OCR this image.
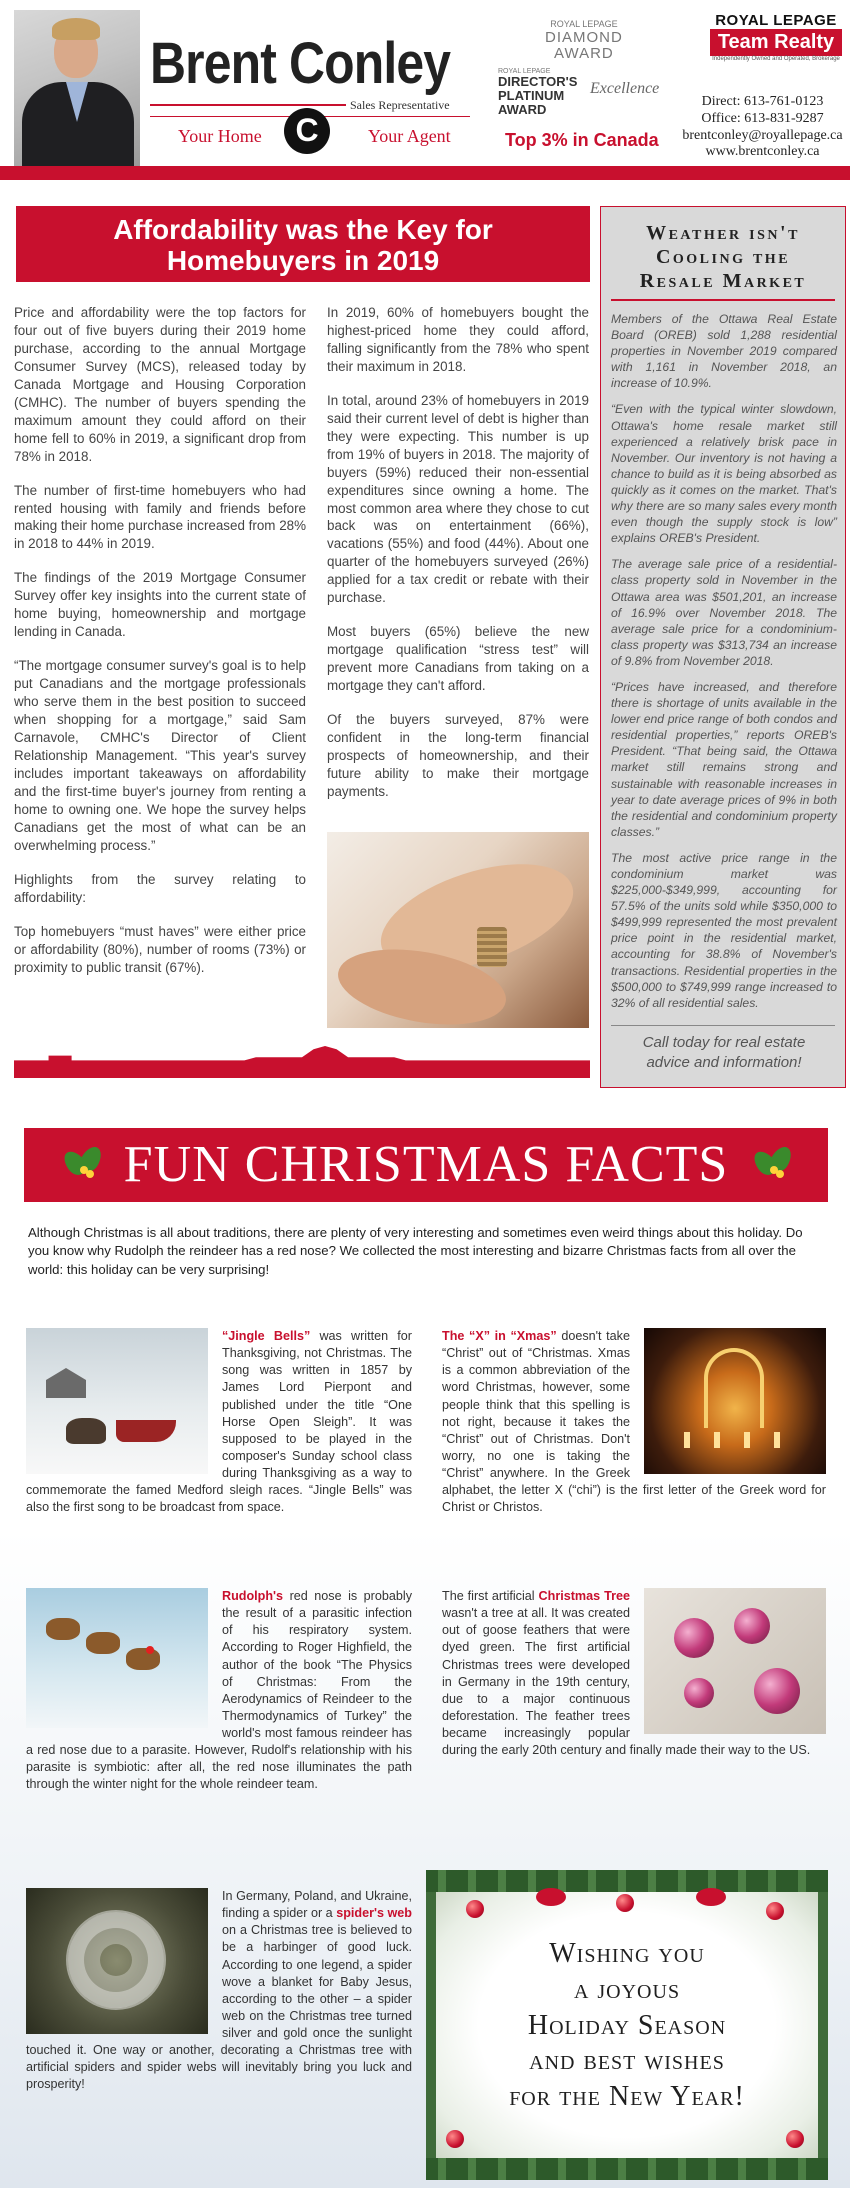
Brent Conley
Sales Representative
Your Home	C	Your Agent
ROYAL LEPAGE
DIAMOND
AWARD
ROYAL LEPAGE
DIRECTOR'S
PLATINUM
AWARD
Excellence
Top 3% in Canada
ROYAL LEPAGE
Team Realty
Independently Owned and Operated, Brokerage
Direct: 613-761-0123
Office: 613-831-9287
brentconley@royallepage.ca
www.brentconley.ca
Affordability was the Key for
Homebuyers in 2019

Price and affordability were the top factors for four out of five buyers during their 2019 home purchase, according to the annual Mortgage Consumer Survey (MCS), released today by Canada Mortgage and Housing Corporation (CMHC). The number of buyers spending the maximum amount they could afford on their home fell to 60% in 2019, a significant drop from 78% in 2018.

The number of first-time homebuyers who had rented housing with family and friends before making their home purchase increased from 28% in 2018 to 44% in 2019.

The findings of the 2019 Mortgage Consumer Survey offer key insights into the current state of home buying, homeownership and mortgage lending in Canada.

“The mortgage consumer survey's goal is to help put Canadians and the mortgage professionals who serve them in the best position to succeed when shopping for a mortgage,” said Sam Carnavole, CMHC's Director of Client Relationship Management. “This year's survey includes important takeaways on affordability and the first-time buyer's journey from renting a home to owning one. We hope the survey helps Canadians get the most of what can be an overwhelming process.”

Highlights from the survey relating to affordability:

Top homebuyers “must haves” were either price or affordability (80%), number of rooms (73%) or proximity to public transit (67%).

In 2019, 60% of homebuyers bought the highest-priced home they could afford, falling significantly from the 78% who spent their maximum in 2018.

In total, around 23% of homebuyers in 2019 said their current level of debt is higher than they were expecting. This number is up from 19% of buyers in 2018. The majority of buyers (59%) reduced their non-essential expenditures since owning a home. The most common area where they chose to cut back was on entertainment (66%), vacations (55%) and food (44%). About one quarter of the homebuyers surveyed (26%) applied for a tax credit or rebate with their purchase.

Most buyers (65%) believe the new mortgage qualification “stress test” will prevent more Canadians from taking on a mortgage they can't afford.

Of the buyers surveyed, 87% were confident in the long-term financial prospects of homeownership, and their future ability to make their mortgage payments.

Not intended to solicit properties currently listed for sale.
Weather isn't
Cooling the
Resale Market

Members of the Ottawa Real Estate Board (OREB) sold 1,288 residential properties in November 2019 compared with 1,161 in November 2018, an increase of 10.9%.

“Even with the typical winter slowdown, Ottawa's home resale market still experienced a relatively brisk pace in November. Our inventory is not having a chance to build as it is being absorbed as quickly as it comes on the market. That's why there are so many sales every month even though the supply stock is low” explains OREB's President.

The average sale price of a residential-class property sold in November in the Ottawa area was $501,201, an increase of 16.9% over November 2018. The average sale price for a condominium-class property was $313,734 an increase of 9.8% from November 2018.

“Prices have increased, and therefore there is shortage of units available in the lower end price range of both condos and residential properties,” reports OREB's President. “That being said, the Ottawa market still remains strong and sustainable with reasonable increases in year to date average prices of 9% in both the residential and condominium property classes.”

The most active price range in the condominium market was $225,000-$349,999, accounting for 57.5% of the units sold while $350,000 to $499,999 represented the most prevalent price point in the residential market, accounting for 38.8% of November's transactions. Residential properties in the $500,000 to $749,999 range increased to 32% of all residential sales.

Call today for real estate
advice and information!
FUN CHRISTMAS FACTS
Although Christmas is all about traditions, there are plenty of very interesting and sometimes even weird things about this holiday. Do you know why Rudolph the reindeer has a red nose? We collected the most interesting and bizarre Christmas facts from all over the world: this holiday can be very surprising!
“Jingle Bells” was written for Thanksgiving, not Christmas. The song was written in 1857 by James Lord Pierpont and published under the title “One Horse Open Sleigh”. It was supposed to be played in the composer's Sunday school class during Thanksgiving as a way to commemorate the famed Medford sleigh races. “Jingle Bells” was also the first song to be broadcast from space.
The “X” in “Xmas” doesn't take “Christ” out of “Christmas. Xmas is a common abbreviation of the word Christmas, however, some people think that this spelling is not right, because it takes the “Christ” out of Christmas. Don't worry, no one is taking the “Christ” anywhere. In the Greek alphabet, the letter X (“chi”) is the first letter of the Greek word for Christ or Christos.
Rudolph's red nose is probably the result of a parasitic infection of his respiratory system. According to Roger Highfield, the author of the book “The Physics of Christmas: From the Aerodynamics of Reindeer to the Thermodynamics of Turkey” the world's most famous reindeer has a red nose due to a parasite. However, Rudolf's relationship with his parasite is symbiotic: after all, the red nose illuminates the path through the winter night for the whole reindeer team.
The first artificial Christmas Tree wasn't a tree at all. It was created out of goose feathers that were dyed green. The first artificial Christmas trees were developed in Germany in the 19th century, due to a major continuous deforestation. The feather trees became increasingly popular during the early 20th century and finally made their way to the US.
In Germany, Poland, and Ukraine, finding a spider or a spider's web on a Christmas tree is believed to be a harbinger of good luck. According to one legend, a spider wove a blanket for Baby Jesus, according to the other – a spider web on the Christmas tree turned silver and gold once the sunlight touched it. One way or another, decorating a Christmas tree with artificial spiders and spider webs will inevitably bring you luck and prosperity!
Wishing you
a joyous
Holiday Season
and best wishes
for the New Year!
